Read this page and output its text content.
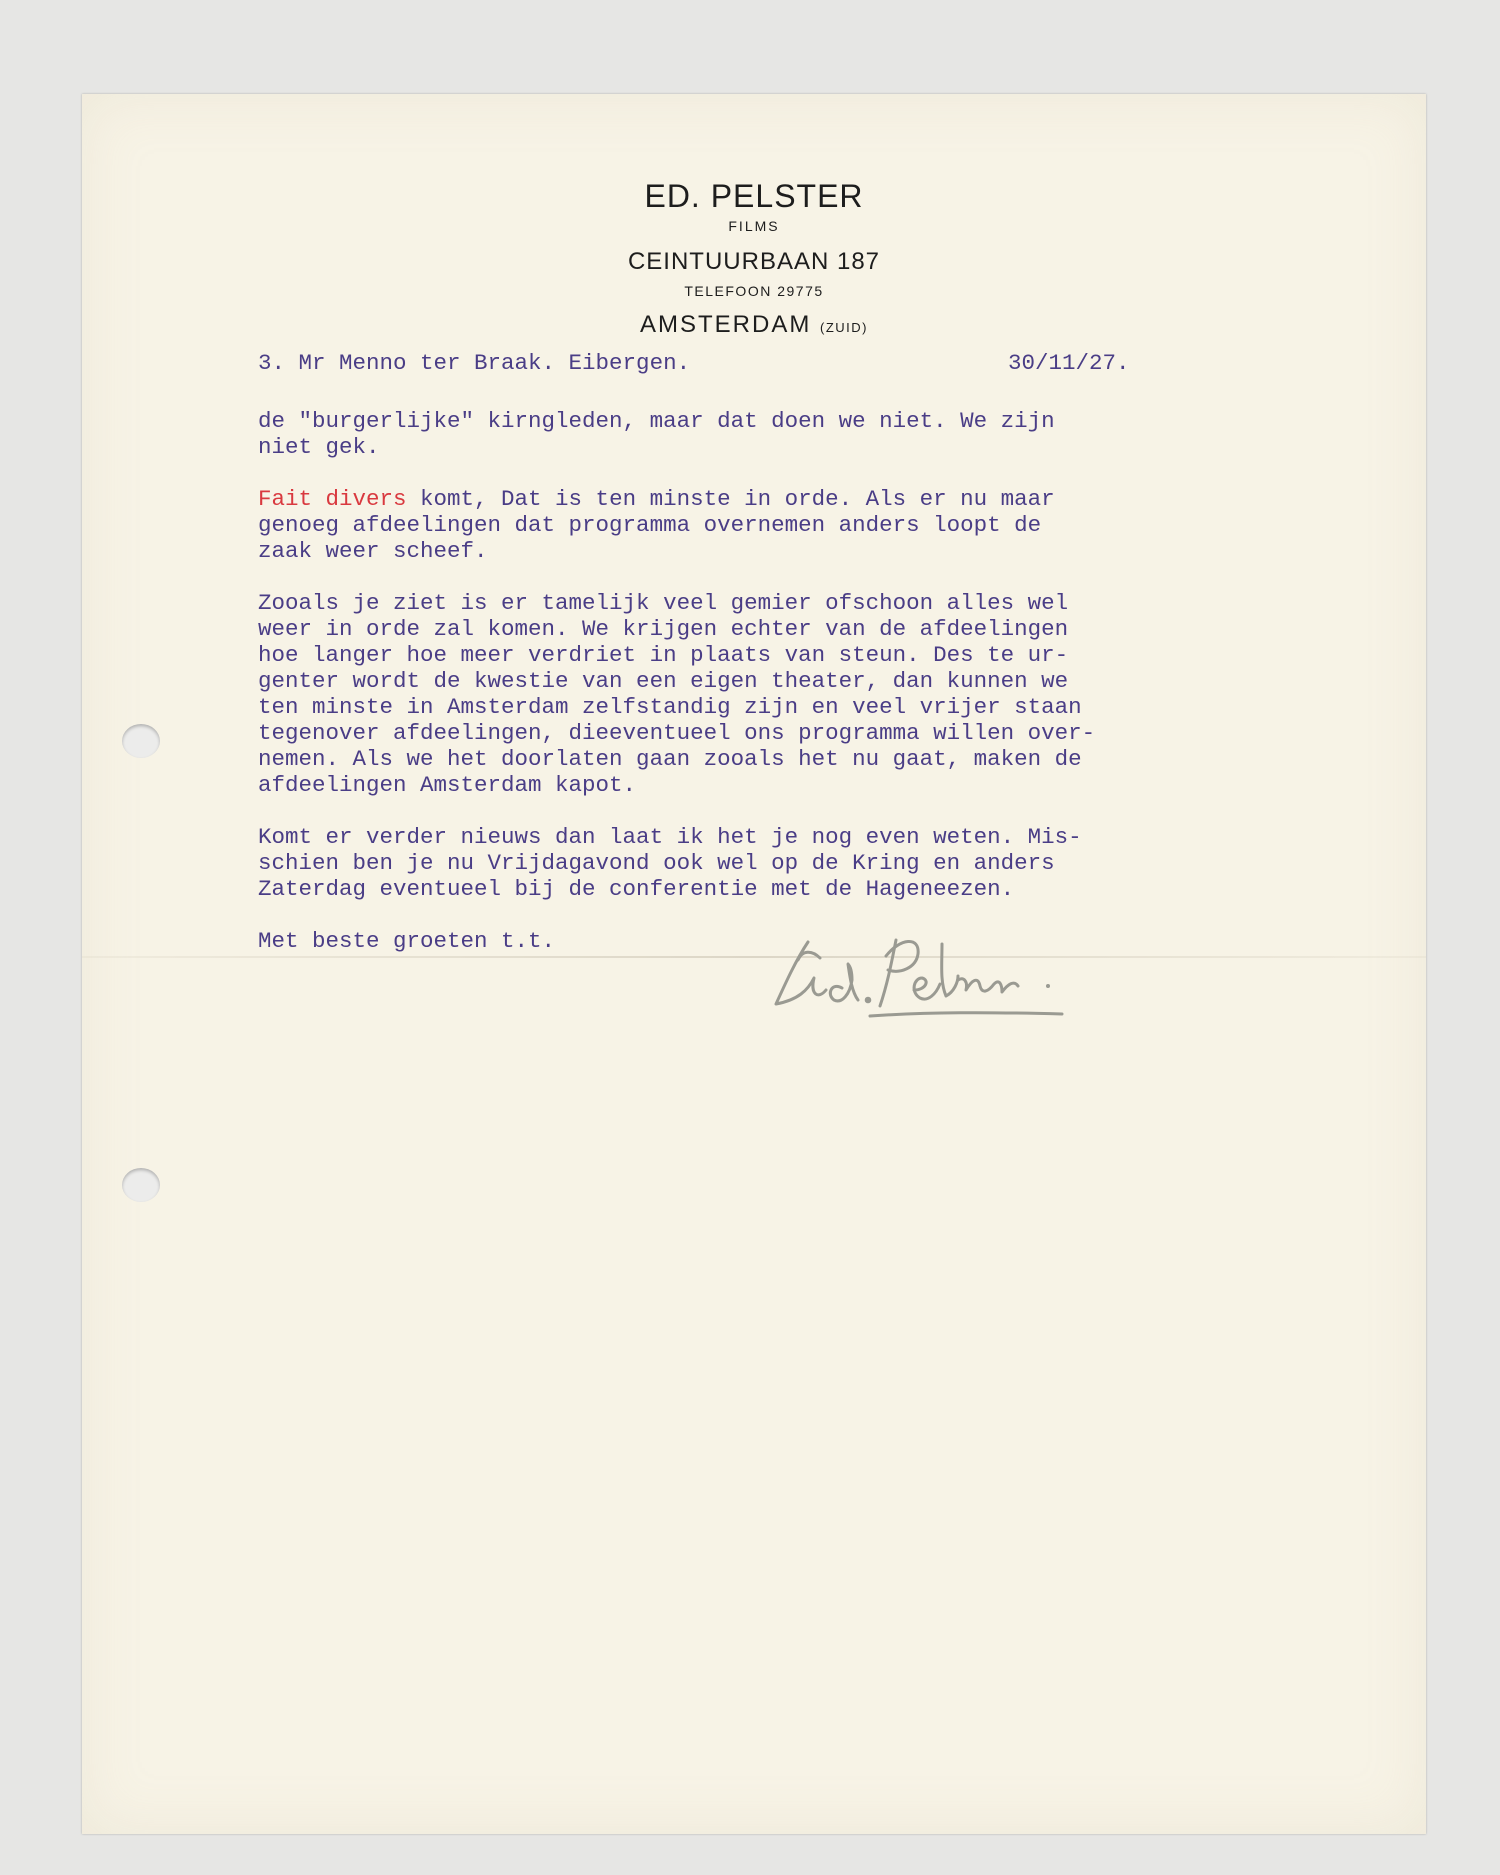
ED. PELSTER
FILMS
CEINTUURBAAN 187
TELEFOON 29775
AMSTERDAM (ZUID)
3. Mr Menno ter Braak. Eibergen.	30/11/27.
de "burgerlijke" kirngleden, maar dat doen we niet. We zijn
niet gek.
Fait divers komt, Dat is ten minste in orde. Als er nu maar
genoeg afdeelingen dat programma overnemen anders loopt de
zaak weer scheef.
Zooals je ziet is er tamelijk veel gemier ofschoon alles wel
weer in orde zal komen. We krijgen echter van de afdeelingen
hoe langer hoe meer verdriet in plaats van steun. Des te ur-
genter wordt de kwestie van een eigen theater, dan kunnen we
ten minste in Amsterdam zelfstandig zijn en veel vrijer staan
tegenover afdeelingen, dieeventueel ons programma willen over-
nemen. Als we het doorlaten gaan zooals het nu gaat, maken de
afdeelingen Amsterdam kapot.
Komt er verder nieuws dan laat ik het je nog even weten. Mis-
schien ben je nu Vrijdagavond ook wel op de Kring en anders
Zaterdag eventueel bij de conferentie met de Hageneezen.
Met beste groeten t.t.
